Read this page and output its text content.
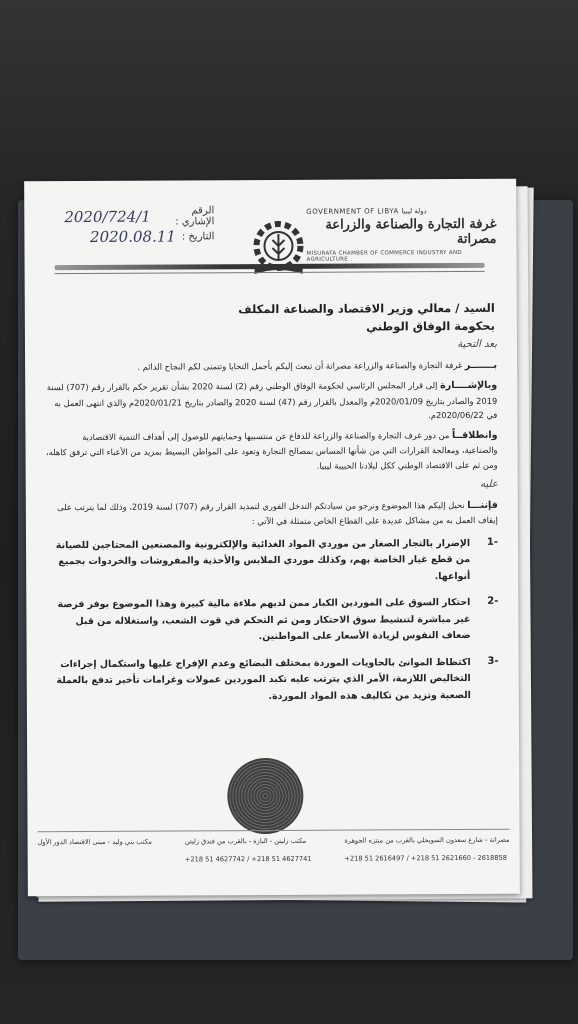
الرقم الإشاري :
2020/724/1
التاريخ :
2020.08.11
GOVERNMENT OF LIBYA دولة ليبيا
غرفة التجارة والصناعة والزراعة مصراتة
MISURATA CHAMBER OF COMMERCE INDUSTRY AND AGRICULTURE
السيد / معالي وزير الاقتصاد والصناعة المكلف
بحكومة الوفاق الوطني

بعد التحية

بـــــــر غرفة التجارة والصناعة والزراعة مصراتة أن تبعث إليكم بأجمل التحايا وتتمنى لكم النجاح الدائم .

وبالإشــــارة إلى قرار المجلس الرئاسي لحكومة الوفاق الوطني رقم (2) لسنة 2020 بشأن تقرير حكم بالقرار رقم (707) لسنة 2019 والصادر بتاريخ 2020/01/09م والمعدل بالقرار رقم (47) لسنة 2020 والصادر بتاريخ 2020/01/21م والذي انتهى العمل به في 2020/06/22م.

وانطلاقــاً من دور غرف التجارة والصناعة والزراعة للدفاع عن منتسبيها وحمايتهم للوصول إلى أهداف التنمية الاقتصادية والصناعية، ومعالجة القرارات التي من شأنها المساس بمصالح التجارة وتعود على المواطن البسيط بمزيد من الأعباء التي ترفق كاهله، ومن ثم على الاقتصاد الوطني ككل لبلادنا الحبيبة ليبيا.

عليه

فإننـــا نحيل إليكم هذا الموضوع ونرجو من سيادتكم التدخل الفوري لتمديد القرار رقم (707) لسنة 2019، وذلك لما يترتب على إيقاف العمل به من مشاكل عديدة على القطاع الخاص متمثلة في الآتي :

-1
الإضرار بالتجار الصغار من موردي المواد الغذائية والإلكترونية والمصنعين المحتاجين للصيانة من قطع غيار الخاصة بهم، وكذلك موردي الملابس والأحذية والمفروشات والخردوات بجميع أنواعها.
-2
احتكار السوق على الموردين الكبار ممن لديهم ملاءة مالية كبيرة وهذا الموضوع يوفر فرصة غير مباشرة لتنشيط سوق الاحتكار ومن ثم التحكم في قوت الشعب، واستغلاله من قبل ضعاف النفوس لزيادة الأسعار على المواطنين.
-3
اكتظاظ الموانئ بالحاويات الموردة بمختلف البضائع وعدم الإفراج عليها واستكمال إجراءات التخاليص اللازمة، الأمر الذي يترتب عليه تكبد الموردين عمولات وغرامات تأخير تدفع بالعملة الصعبة وتزيد من تكاليف هذه المواد الموردة.
مصراتة - شارع سعدون السويحلي بالقرب من منتزه الجوهرة
+218 51 2616497 / +218 51 2621660 - 2618858
مكتب زليتن - البازة - بالقرب من فندق زليتن
+218 51 4627742 / +218 51 4627741
مكتب بني وليد - مبنى الاقتصاد الدور الأول
